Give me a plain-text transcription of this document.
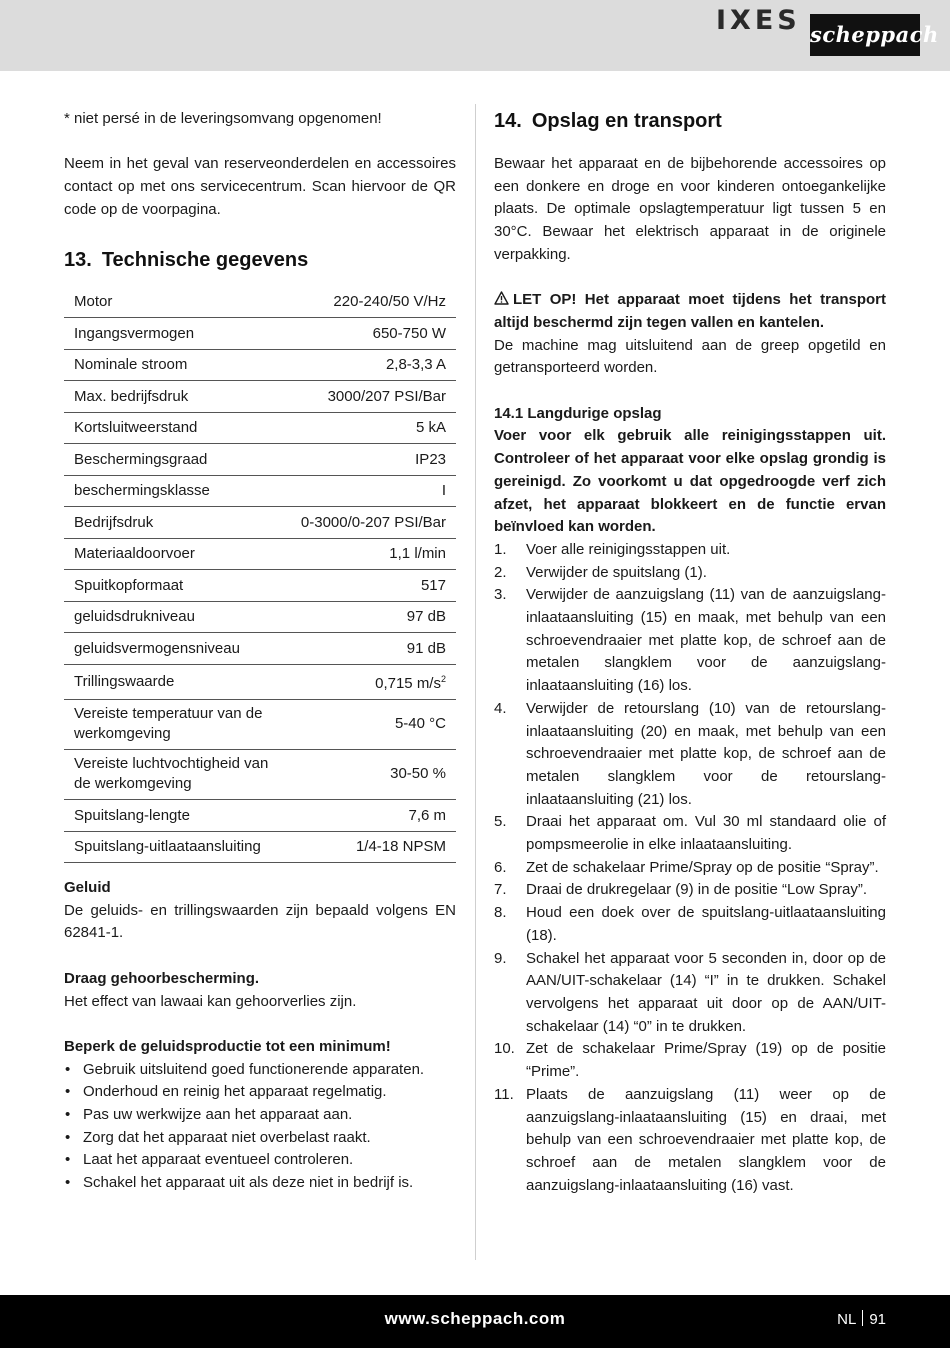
IXES scheppach

* niet persé in de leveringsomvang opgenomen!

Neem in het geval van reserveonderdelen en accessoires contact op met ons servicecentrum. Scan hiervoor de QR code op de voorpagina.

13. Technische gegevens
Motor	220-240/50 V/Hz
Ingangsvermogen	650-750 W
Nominale stroom	2,8-3,3 A
Max. bedrijfsdruk	3000/207 PSI/Bar
Kortsluitweerstand	5 kA
Beschermingsgraad	IP23
beschermingsklasse	I
Bedrijfsdruk	0-3000/0-207 PSI/Bar
Materiaaldoorvoer	1,1 l/min
Spuitkopformaat	517
geluidsdrukniveau	97 dB
geluidsvermogensniveau	91 dB
Trillingswaarde	0,715 $m/s^2$
Vereiste temperatuur van de werkomgeving	5-40 °C
Vereiste luchtvochtigheid van de werkomgeving	30-50 %
Spuitslang-lengte	7,6 m
Spuitslang-uitlaataansluiting	1/4-18 NPSM

Geluid

De geluids- en trillingswaarden zijn bepaald volgens EN 62841-1.

Draag gehoorbescherming.

Het effect van lawaai kan gehoorverlies zijn.

Beperk de geluidsproductie tot een minimum!

• Gebruik uitsluitend goed functionerende apparaten.
• Onderhoud en reinig het apparaat regelmatig.
• Pas uw werkwijze aan het apparaat aan.
• Zorg dat het apparaat niet overbelast raakt.
• Laat het apparaat eventueel controleren.
• Schakel het apparaat uit als deze niet in bedrijf is.
14. Opslag en transport

Bewaar het apparaat en de bijbehorende accessoires op een donkere en droge en voor kinderen ontoegankelijke plaats. De optimale opslagtemperatuur ligt tussen 5 en 30°C. Bewaar het elektrisch apparaat in de originele verpakking.

LET OP! Het apparaat moet tijdens het transport altijd beschermd zijn tegen vallen en kantelen.

De machine mag uitsluitend aan de greep opgetild en getransporteerd worden.

14.1 Langdurige opslag

Voer voor elk gebruik alle reinigingsstappen uit. Controleer of het apparaat voor elke opslag grondig is gereinigd. Zo voorkomt u dat opgedroogde verf zich afzet, het apparaat blokkeert en de functie ervan beïnvloed kan worden.

1. Voer alle reinigingsstappen uit.
2. Verwijder de spuitslang (1).
3. Verwijder de aanzuigslang (11) van de aanzuigslang-inlaataansluiting (15) en maak, met behulp van een schroevendraaier met platte kop, de schroef aan de metalen slangklem voor de aanzuigslang-inlaataansluiting (16) los.
4. Verwijder de retourslang (10) van de retourslang-inlaataansluiting (20) en maak, met behulp van een schroevendraaier met platte kop, de schroef aan de metalen slangklem voor de retourslang-inlaataansluiting (21) los.
5. Draai het apparaat om. Vul 30 ml standaard olie of pompsmeerolie in elke inlaataansluiting.
6. Zet de schakelaar Prime/Spray op de positie “Spray”.
7. Draai de drukregelaar (9) in de positie “Low Spray”.
8. Houd een doek over de spuitslang-uitlaataansluiting (18).
9. Schakel het apparaat voor 5 seconden in, door op de AAN/UIT-schakelaar (14) “I” in te drukken. Schakel vervolgens het apparaat uit door op de AAN/UIT-schakelaar (14) “0” in te drukken.
10. Zet de schakelaar Prime/Spray (19) op de positie “Prime”.
11. Plaats de aanzuigslang (11) weer op de aanzuigslang-inlaataansluiting (15) en draai, met behulp van een schroevendraaier met platte kop, de schroef aan de metalen slangklem voor de aanzuigslang-inlaataansluiting (16) vast.
www.scheppach.com	NL 91
